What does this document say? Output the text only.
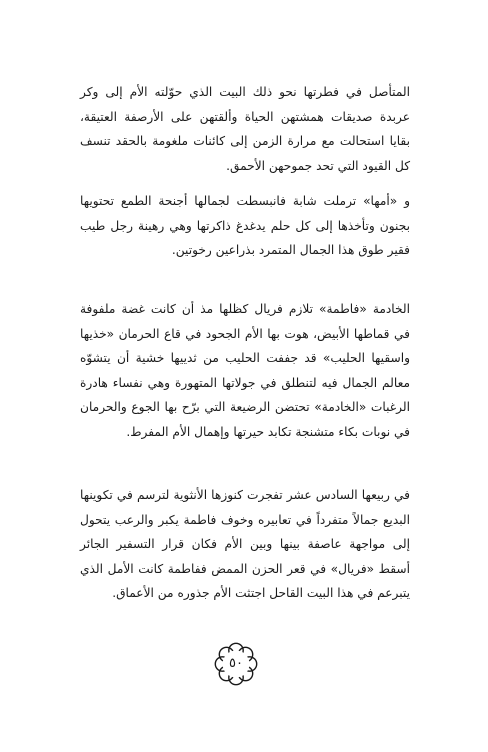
المتأصل في فطرتها نحو ذلك البيت الذي حوّلته الأم إلى وكر عربدة صديقات همشتهن الحياة وألقتهن على الأرصفة العتيقة، بقايا استحالت مع مرارة الزمن إلى كائنات ملغومة بالحقد تنسف كل القيود التي تحد جموحهن الأحمق.

و «أمها» ترملت شابة فانبسطت لجمالها أجنحة الطمع تحتويها بجنون وتأخذها إلى كل حلم يدغدغ ذاكرتها وهي رهينة رجل طيب فقير طوق هذا الجمال المتمرد بذراعين رخوتين.

الخادمة «فاطمة» تلازم فريال كظلها مذ أن كانت غضة ملفوفة في قماطها الأبيض، هوت بها الأم الجحود في قاع الحرمان «خذيها واسقيها الحليب» قد جففت الحليب من ثدييها خشية أن يتشوّه معالم الجمال فيه لتنطلق في جولاتها المتهورة وهي نفساء هادرة الرغبات «الخادمة» تحتضن الرضيعة التي برّح بها الجوع والحرمان في نوبات بكاء متشنجة تكابد حيرتها وإهمال الأم المفرط.

في ربيعها السادس عشر تفجرت كنوزها الأنثوية لترسم في تكوينها البديع جمالاً متفرداً في تعابيره وخوف فاطمة يكبر والرعب يتحول إلى مواجهة عاصفة بينها وبين الأم فكان قرار التسفير الجائر أسقط «فريال» في قعر الحزن الممض ففاطمة كانت الأمل الذي يتبرعم في هذا البيت القاحل اجتثت الأم جذوره من الأعماق.

٥٠
